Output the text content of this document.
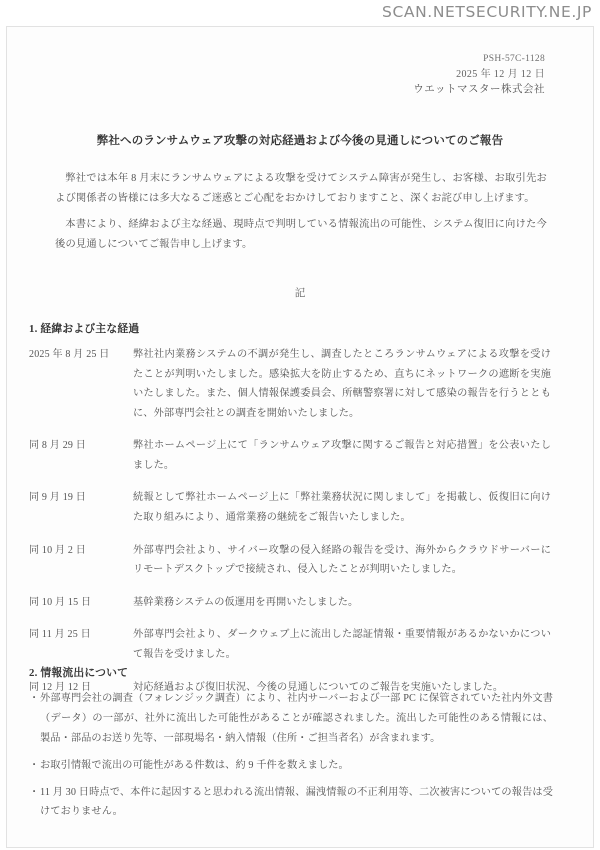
SCAN.NETSECURITY.NE.JP
PSH-57C-1128
2025 年 12 月 12 日
ウエットマスター株式会社
弊社へのランサムウェア攻撃の対応経過および今後の見通しについてのご報告
弊社では本年 8 月末にランサムウェアによる攻撃を受けてシステム障害が発生し、お客様、お取引先および関係者の皆様には多大なるご迷惑とご心配をおかけしておりますこと、深くお詫び申し上げます。
本書により、経緯および主な経過、現時点で判明している情報流出の可能性、システム復旧に向けた今後の見通しについてご報告申し上げます。
記
1. 経緯および主な経過
2025 年 8 月 25 日	弊社社内業務システムの不調が発生し、調査したところランサムウェアによる攻撃を受けたことが判明いたしました。感染拡大を防止するため、直ちにネットワークの遮断を実施いたしました。また、個人情報保護委員会、所轄警察署に対して感染の報告を行うとともに、外部専門会社との調査を開始いたしました。
同 8 月 29 日	弊社ホームページ上にて「ランサムウェア攻撃に関するご報告と対応措置」を公表いたしました。
同 9 月 19 日	続報として弊社ホームページ上に「弊社業務状況に関しまして」を掲載し、仮復旧に向けた取り組みにより、通常業務の継続をご報告いたしました。
同 10 月 2 日	外部専門会社より、サイバー攻撃の侵入経路の報告を受け、海外からクラウドサーバーにリモートデスクトップで接続され、侵入したことが判明いたしました。
同 10 月 15 日	基幹業務システムの仮運用を再開いたしました。
同 11 月 25 日	外部専門会社より、ダークウェブ上に流出した認証情報・重要情報があるかないかについて報告を受けました。
同 12 月 12 日	対応経過および復旧状況、今後の見通しについてのご報告を実施いたしました。
2. 情報流出について
・ 外部専門会社の調査（フォレンジック調査）により、社内サーバーおよび一部 PC に保管されていた社内外文書（データ）の一部が、社外に流出した可能性があることが確認されました。流出した可能性のある情報には、製品・部品のお送り先等、一部現場名・納入情報（住所・ご担当者名）が含まれます。
・ お取引情報で流出の可能性がある件数は、約 9 千件を数えました。
・ 11 月 30 日時点で、本件に起因すると思われる流出情報、漏洩情報の不正利用等、二次被害についての報告は受けておりません。
